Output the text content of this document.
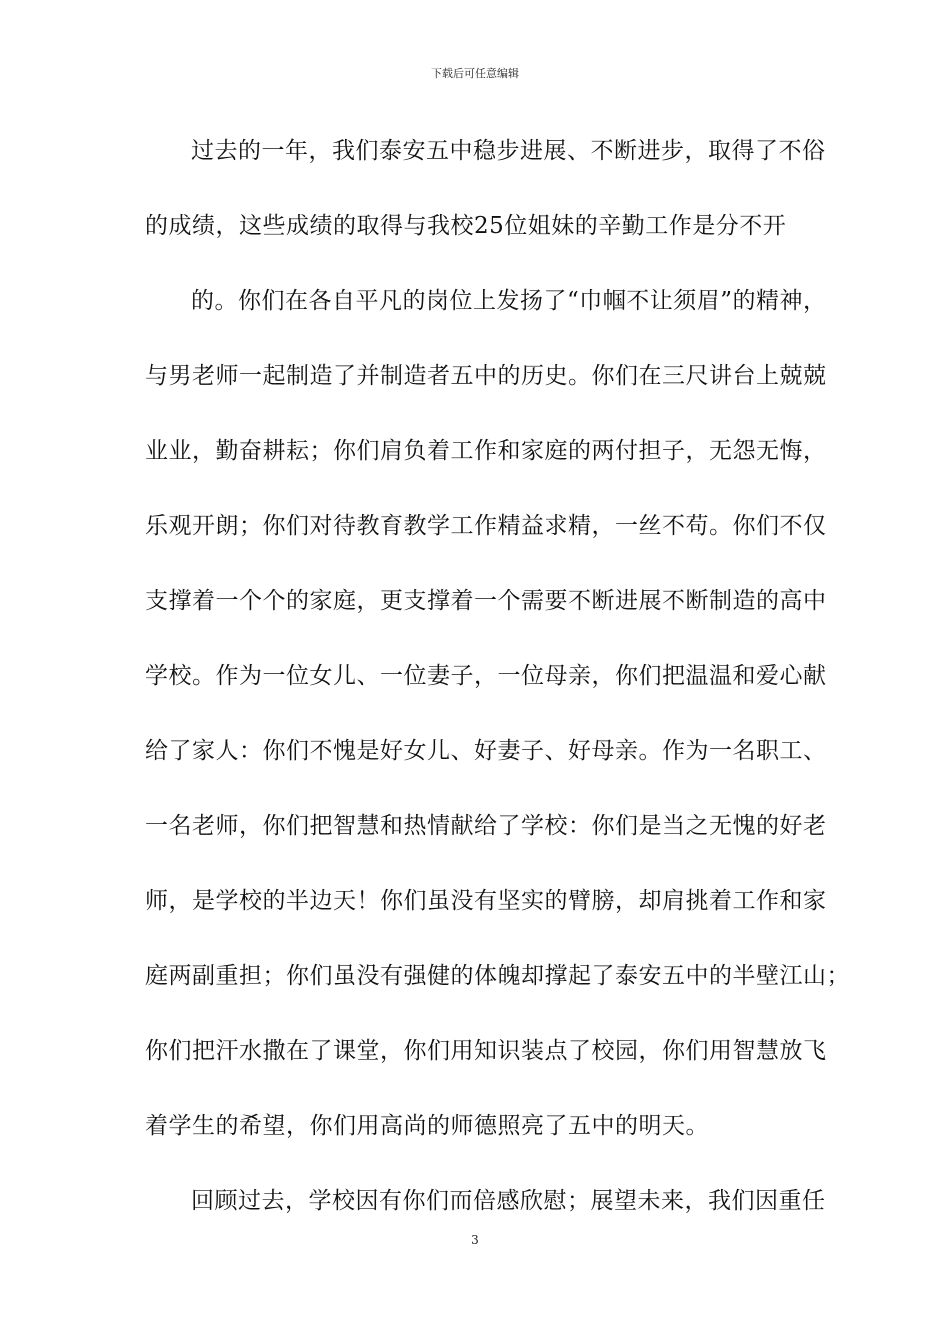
下载后可任意编辑
过去的一年，我们泰安五中稳步进展、不断进步，取得了不俗
的成绩，这些成绩的取得与我校25位姐妹的辛勤工作是分不开
的。你们在各自平凡的岗位上发扬了“巾帼不让须眉”的精神，
与男老师一起制造了并制造者五中的历史。你们在三尺讲台上兢兢
业业，勤奋耕耘；你们肩负着工作和家庭的两付担子，无怨无悔，
乐观开朗；你们对待教育教学工作精益求精，一丝不苟。你们不仅
支撑着一个个的家庭，更支撑着一个需要不断进展不断制造的高中
学校。作为一位女儿、一位妻子，一位母亲，你们把温温和爱心献
给了家人：你们不愧是好女儿、好妻子、好母亲。作为一名职工、
一名老师，你们把智慧和热情献给了学校：你们是当之无愧的好老
师，是学校的半边天！你们虽没有坚实的臂膀，却肩挑着工作和家
庭两副重担；你们虽没有强健的体魄却撑起了泰安五中的半壁江山；
你们把汗水撒在了课堂，你们用知识装点了校园，你们用智慧放飞
着学生的希望，你们用高尚的师德照亮了五中的明天。
回顾过去，学校因有你们而倍感欣慰；展望未来，我们因重任
3
